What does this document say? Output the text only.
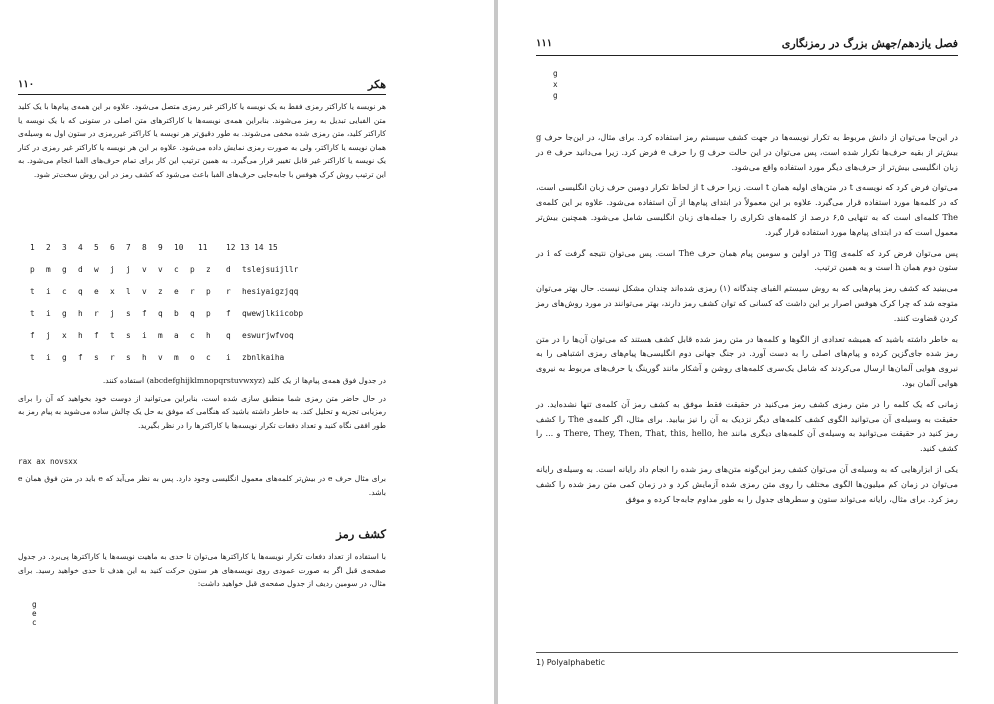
۱۱۰	هکر

هر نویسه یا کاراکتر رمزی فقط به یک نویسه یا کاراکتر غیر رمزی متصل می‌شود. علاوه بر این همه‌ی پیام‌ها با یک کلید متن الفبایی تبدیل به رمز می‌شوند. بنابراین همه‌ی نویسه‌ها یا کاراکترهای متن اصلی در ستونی که با یک نویسه یا کاراکتر کلید، متن رمزی شده مخفی می‌شوند. به طور دقیق‌تر هر نویسه یا کاراکتر غیررمزی در ستون اول به وسیله‌ی همان نویسه یا کاراکتر، ولی به صورت رمزی نمایش داده می‌شود. علاوه بر این هر نویسه یا کاراکتر غیر رمزی در کنار یک نویسه یا کاراکتر غیر قابل تغییر قرار می‌گیرد. به همین ترتیب این کار برای تمام حرف‌های الفبا انجام می‌شود. به این ترتیب روش کرک هوفس با جابه‌جایی حرف‌های الفبا باعث می‌شود که کشف رمز در این روش سخت‌تر شود.

1	2	3	4	5	6	7	8	9	10	11	12 13 14 15
p	m	g	d	w	j	j	v	v	c	p	z	d	tslejsuijllr
t	i	c	q	e	x	l	v	z	e	r	p	r	hesiyaigzjqq
t	i	g	h	r	j	s	f	q	b	q	p	f	qwewjlkiicobp
f	j	x	h	f	t	s	i	m	a	c	h	q	eswurjwfvoq
t	i	g	f	s	r	s	h	v	m	o	c	i	zbnlkaiha

در جدول فوق همه‌ی پیام‌ها از یک کلید (abcdefghijklmnopqrstuvwxyz) استفاده کنند.

در حال حاضر متن رمزی شما منطبق سازی شده است، بنابراین می‌توانید از دوست خود بخواهید که آن را برای رمزیابی تجزیه و تحلیل کند. به خاطر داشته باشید که هنگامی که موفق به حل یک چالش ساده می‌شوید به پیام رمز به طور افقی نگاه کنید و تعداد دفعات تکرار نویسه‌ها یا کاراکترها را در نظر بگیرید.

rax ax novsxx

برای مثال حرف e در بیش‌تر کلمه‌های معمول انگلیسی وجود دارد. پس به نظر می‌آید که e باید در متن فوق همان e باشد.

کشف رمز

با استفاده از تعداد دفعات تکرار نویسه‌ها یا کاراکترها می‌توان تا حدی به ماهیت نویسه‌ها یا کاراکترها پی‌برد. در جدول صفحه‌ی قبل اگر به صورت عمودی روی نویسه‌های هر ستون حرکت کنید به این هدف تا حدی خواهید رسید. برای مثال، در سومین ردیف از جدول صفحه‌ی قبل خواهید داشت:

g
e
c
۱۱۱	فصل یازدهم/جهش بزرگ در رمزنگاری
g
x
g

در این‌جا می‌توان از دانش مربوط به تکرار نویسه‌ها در جهت کشف سیستم رمز استفاده کرد. برای مثال، در این‌جا حرف g بیش‌تر از بقیه حرف‌ها تکرار شده است، پس می‌توان در این حالت حرف g را حرف e فرض کرد. زیرا می‌دانید حرف e در زبان انگلیسی بیش‌تر از حرف‌های دیگر مورد استفاده واقع می‌شود.

می‌توان فرض کرد که نویسه‌ی t در متن‌های اولیه همان t است. زیرا حرف t از لحاظ تکرار دومین حرف زبان انگلیسی است، که در کلمه‌ها مورد استفاده قرار می‌گیرد. علاوه بر این معمولاً در ابتدای پیام‌ها از آن استفاده می‌شود. علاوه بر این کلمه‌ی The کلمه‌ای است که به تنهایی ۶,۵ درصد از کلمه‌های تکراری را جمله‌های زبان انگلیسی شامل می‌شود. همچنین بیش‌تر معمول است که در ابتدای پیام‌ها مورد استفاده قرار گیرد.

پس می‌توان فرض کرد که کلمه‌ی Tig در اولین و سومین پیام همان حرف The است. پس می‌توان نتیجه گرفت که i در ستون دوم همان h است و به همین ترتیب.

می‌بینید که کشف رمز پیام‌هایی که به روش سیستم الفبای چندگانه (۱) رمزی شده‌اند چندان مشکل نیست. حال بهتر می‌توان متوجه شد که چرا کرک هوفس اصرار بر این داشت که کسانی که توان کشف رمز دارند، بهتر می‌توانند در مورد روش‌های رمز کردن قضاوت کنند.

به خاطر داشته باشید که همیشه تعدادی از الگوها و کلمه‌ها در متن رمز شده قابل کشف هستند که می‌توان آن‌ها را در متن رمز شده جای‌گزین کرده و پیام‌های اصلی را به دست آورد. در جنگ جهانی دوم انگلیسی‌ها پیام‌های رمزی اشتباهی را به نیروی هوایی آلمان‌ها ارسال می‌کردند که شامل یک‌سری کلمه‌های روشن و آشکار مانند گورینگ یا حرف‌های مربوط به نیروی هوایی آلمان بود.

زمانی که یک کلمه را در متن رمزی کشف رمز می‌کنید در حقیقت فقط موفق به کشف رمز آن کلمه‌ی تنها نشده‌اید. در حقیقت به وسیله‌ی آن می‌توانید الگوی کشف کلمه‌های دیگر نزدیک به آن را نیز بیابید. برای مثال، اگر کلمه‌ی The را کشف رمز کنید در حقیقت می‌توانید به وسیله‌ی آن کلمه‌های دیگری مانند There, They, Then, That, this, hello, he و ... را کشف کنید.

یکی از ابزارهایی که به وسیله‌ی آن می‌توان کشف رمز این‌گونه متن‌های رمز شده را انجام داد رایانه است. به وسیله‌ی رایانه می‌توان در زمان کم میلیون‌ها الگوی مختلف را روی متن رمزی شده آزمایش کرد و در زمان کمی متن رمز شده را کشف رمز کرد. برای مثال، رایانه می‌تواند ستون و سطرهای جدول را به طور مداوم جابه‌جا کرده و موفق

1) Polyalphabetic
